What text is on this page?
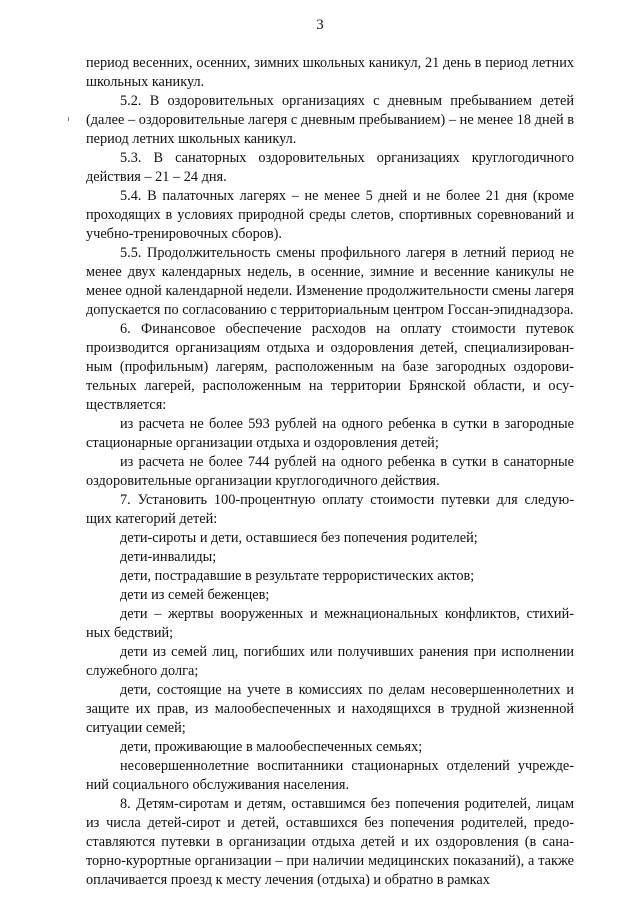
3

период весенних, осенних, зимних школьных каникул, 21 день в период летних школьных каникул.

5.2. В оздоровительных организациях с дневным пребыванием детей (далее – оздоровительные лагеря с дневным пребыванием) – не менее 18 дней в период летних школьных каникул.

5.3. В санаторных оздоровительных организациях круглогодичного действия – 21 – 24 дня.

5.4. В палаточных лагерях – не менее 5 дней и не более 21 дня (кроме проходящих в условиях природной среды слетов, спортивных соревнований и учебно-тренировочных сборов).

5.5. Продолжительность смены профильного лагеря в летний период не менее двух календарных недель, в осенние, зимние и весенние каникулы не менее одной календарной недели. Изменение продолжительности смены лагеря допускается по согласованию с территориальным центром Госсан-эпиднадзора.

6. Финансовое обеспечение расходов на оплату стоимости путевок производится организациям отдыха и оздоровления детей, специализирован-ным (профильным) лагерям, расположенным на базе загородных оздорови-тельных лагерей, расположенным на территории Брянской области, и осу-ществляется:

из расчета не более 593 рублей на одного ребенка в сутки в загородные стационарные организации отдыха и оздоровления детей;

из расчета не более 744 рублей на одного ребенка в сутки в санаторные оздоровительные организации круглогодичного действия.

7. Установить 100-процентную оплату стоимости путевки для следую-щих категорий детей:

дети-сироты и дети, оставшиеся без попечения родителей;

дети-инвалиды;

дети, пострадавшие в результате террористических актов;

дети из семей беженцев;

дети – жертвы вооруженных и межнациональных конфликтов, стихий-ных бедствий;

дети из семей лиц, погибших или получивших ранения при исполнении служебного долга;

дети, состоящие на учете в комиссиях по делам несовершеннолетних и защите их прав, из малообеспеченных и находящихся в трудной жизненной ситуации семей;

дети, проживающие в малообеспеченных семьях;

несовершеннолетние воспитанники стационарных отделений учрежде-ний социального обслуживания населения.

8. Детям-сиротам и детям, оставшимся без попечения родителей, лицам из числа детей-сирот и детей, оставшихся без попечения родителей, предо-ставляются путевки в организации отдыха детей и их оздоровления (в сана-торно-курортные организации – при наличии медицинских показаний), а также оплачивается проезд к месту лечения (отдыха) и обратно в рамках
